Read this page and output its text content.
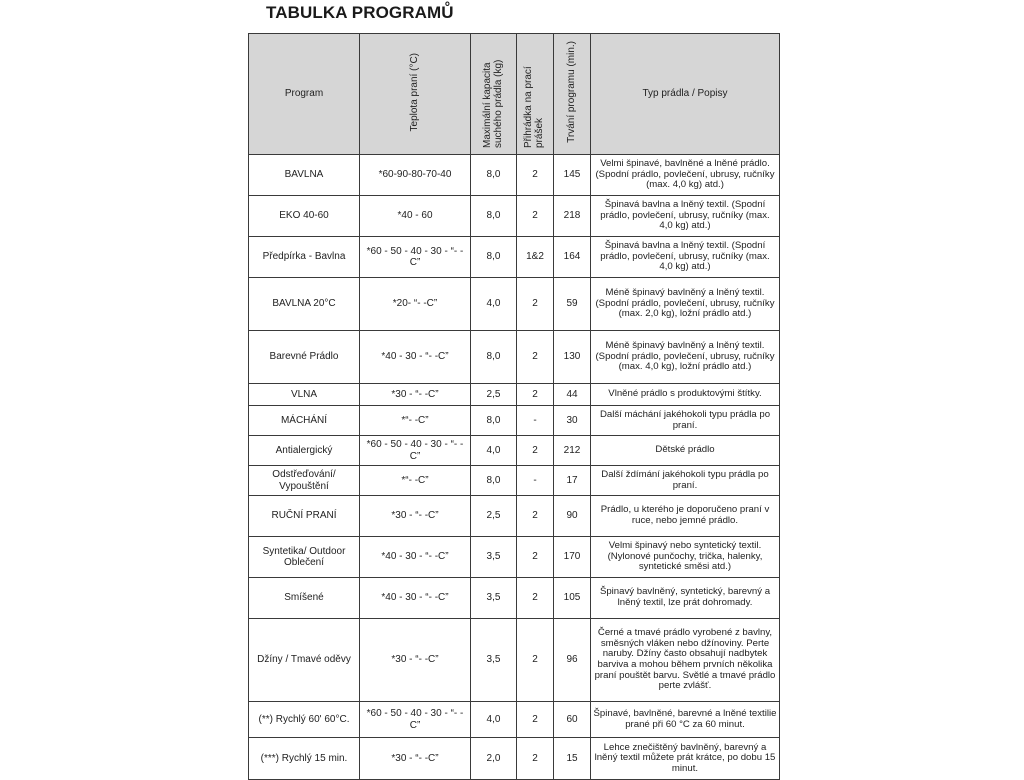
TABULKA PROGRAMŮ
Program	Teplota praní (°C)	Maximální kapacita suchého prádla (kg)	Přihrádka na prací prášek	Trvání programu (min.)	Typ prádla / Popisy
BAVLNA	*60-90-80-70-40	8,0	2	145	Velmi špinavé, bavlněné a lněné prádlo. (Spodní prádlo, povlečení, ubrusy, ručníky (max. 4,0 kg) atd.)
EKO 40-60	*40 - 60	8,0	2	218	Špinavá bavlna a lněný textil. (Spodní prádlo, povlečení, ubrusy, ručníky (max. 4,0 kg) atd.)
Předpírka - Bavlna	*60 - 50 - 40 - 30 - “- -C”	8,0	1&2	164	Špinavá bavlna a lněný textil. (Spodní prádlo, povlečení, ubrusy, ručníky (max. 4,0 kg) atd.)
BAVLNA 20°C	*20- “- -C”	4,0	2	59	Méně špinavý bavlněný a lněný textil. (Spodní prádlo, povlečení, ubrusy, ručníky (max. 2,0 kg), ložní prádlo atd.)
Barevné Prádlo	*40 - 30 - “- -C”	8,0	2	130	Méně špinavý bavlněný a lněný textil. (Spodní prádlo, povlečení, ubrusy, ručníky (max. 4,0 kg), ložní prádlo atd.)
VLNA	*30 - “- -C”	2,5	2	44	Vlněné prádlo s produktovými štítky.
MÁCHÁNÍ	*“- -C”	8,0	-	30	Další máchání jakéhokoli typu prádla po praní.
Antialergický	*60 - 50 - 40 - 30 - “- -C”	4,0	2	212	Dětské prádlo
Odstřeďování/ Vypouštění	*“- -C”	8,0	-	17	Další ždímání jakéhokoli typu prádla po praní.
RUČNÍ PRANÍ	*30 - “- -C”	2,5	2	90	Prádlo, u kterého je doporučeno praní v ruce, nebo jemné prádlo.
Syntetika/ Outdoor Oblečení	*40 - 30 - “- -C”	3,5	2	170	Velmi špinavý nebo syntetický textil. (Nylonové punčochy, trička, halenky, syntetické směsi atd.)
Smíšené	*40 - 30 - “- -C”	3,5	2	105	Špinavý bavlněný, syntetický, barevný a lněný textil, lze prát dohromady.
Džíny / Tmavé oděvy	*30 - “- -C”	3,5	2	96	Černé a tmavé prádlo vyrobené z bavlny, směsných vláken nebo džínoviny. Perte naruby. Džíny často obsahují nadbytek barviva a mohou během prvních několika praní pouštět barvu. Světlé a tmavé prádlo perte zvlášť.
(**) Rychlý 60' 60°C.	*60 - 50 - 40 - 30 - “- -C”	4,0	2	60	Špinavé, bavlněné, barevné a lněné textilie prané při 60 °C za 60 minut.
(***) Rychlý 15 min.	*30 - “- -C”	2,0	2	15	Lehce znečištěný bavlněný, barevný a lněný textil můžete prát krátce, po dobu 15 minut.
